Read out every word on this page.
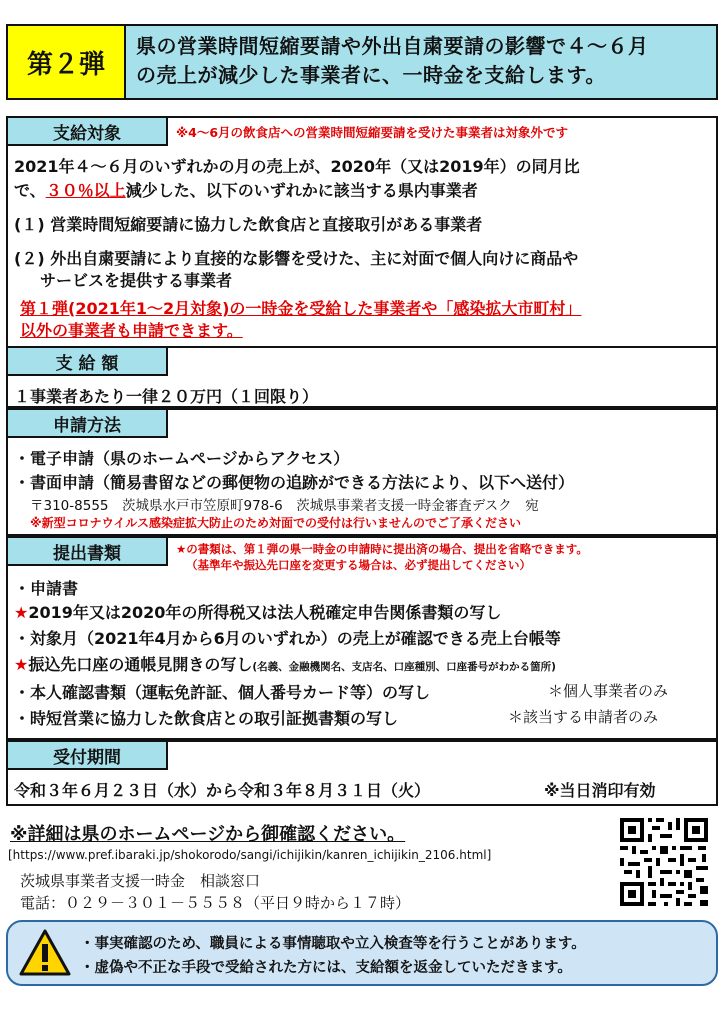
第２弾
県の営業時間短縮要請や外出自粛要請の影響で４～６月
の売上が減少した事業者に、一時金を支給します。
支給対象	※4～6月の飲食店への営業時間短縮要請を受けた事業者は対象外です
2021年４～６月のいずれかの月の売上が、2020年（又は2019年）の同月比
で、３０％以上減少した、以下のいずれかに該当する県内事業者
(１) 営業時間短縮要請に協力した飲食店と直接取引がある事業者
(２) 外出自粛要請により直接的な影響を受けた、主に対面で個人向けに商品や
サービスを提供する事業者
第１弾(2021年1～2月対象)の一時金を受給した事業者や「感染拡大市町村」
以外の事業者も申請できます。
支 給 額
１事業者あたり一律２０万円（１回限り）
申請方法
・電子申請（県のホームページからアクセス）
・書面申請（簡易書留などの郵便物の追跡ができる方法により、以下へ送付）
〒310-8555　茨城県水戸市笠原町978-6　茨城県事業者支援一時金審査デスク　宛
※新型コロナウイルス感染症拡大防止のため対面での受付は行いませんのでご了承ください
提出書類	★の書類は、第１弾の県一時金の申請時に提出済の場合、提出を省略できます。
（基準年や振込先口座を変更する場合は、必ず提出してください）
・申請書
★2019年又は2020年の所得税又は法人税確定申告関係書類の写し
・対象月（2021年4月から6月のいずれか）の売上が確認できる売上台帳等
★振込先口座の通帳見開きの写し(名義、金融機関名、支店名、口座種別、口座番号がわかる箇所)
・本人確認書類（運転免許証、個人番号カード等）の写し	＊個人事業者のみ
・時短営業に協力した飲食店との取引証拠書類の写し	＊該当する申請者のみ
受付期間
令和３年６月２３日（水）から令和３年８月３１日（火）	※当日消印有効
※詳細は県のホームページから御確認ください。
[https://www.pref.ibaraki.jp/shokorodo/sangi/ichijikin/kanren_ichijikin_2106.html]
茨城県事業者支援一時金　相談窓口
電話：０２９－３０１－５５５８（平日９時から１７時）
・事実確認のため、職員による事情聴取や立入検査等を行うことがあります。
・虚偽や不正な手段で受給された方には、支給額を返金していただきます。
